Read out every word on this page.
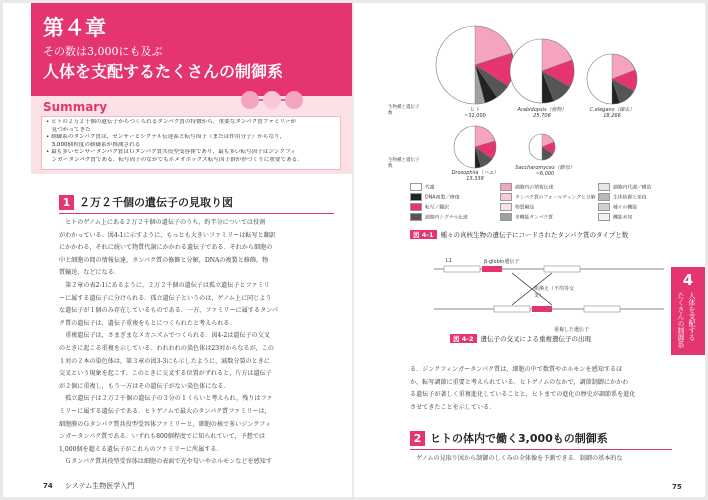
第４章
その数は3,000にも及ぶ
人体を支配するたくさんの制御系
Summary
• ヒトの２万２千個の遺伝子からつくられるタンパク質の特徴から，重要なタンパク質ファミリーが
　見つかってきた
• 制御系のタンパク質は，センサーとシグナル伝達系と転写因子（または作用分子）からなり，
　3,000個程度の制御系が推測される
• 最も多いセンサータンパク質はＧタンパク質共役型受容体であり，最も多い転写因子はジンクフィ
　ンガータンパク質である．転写因子のなかでもホメオボックス転写因子群が形づくりに重要である．
1 ２万２千個の遺伝子の見取り図
　ヒトのゲノム上にある２万２千個の遺伝子のうち，約半分については役割
がわかっている．図4-1に示すように，もっとも大きいファミリーは転写と翻訳
にかかわる，それに続いて物質代謝にかかわる遺伝子である．それから細胞の
中と細胞の間の情報伝達，タンパク質の修飾と分解，DNAの複製と修飾，物
質輸送，などになる．
　第２章の表2-1にあるように，２万２千個の遺伝子は孤立遺伝子とファミリ
ーに属する遺伝子に分けられる．孤立遺伝子というのは，ゲノム上に同じよう
な遺伝子が１個のみ存在しているものである．一方，ファミリーに属するタンパ
ク質の遺伝子は，遺伝子重複をもとにつくられたと考えられる．
　重複遺伝子は，さまざまなメカニズムでつくられる．図4-2は遺伝子の交叉
のときに起こる重複を示している．われわれの染色体は23対からなるが，この
１対の２本の染色体は，第３章の図3-3にも示したように，減数分裂のときに
交叉という現象を起こす．このときに交叉する位置がずれると，片方は遺伝子
が２個に重複し，もう一方はその遺伝子がない染色体になる．
　孤立遺伝子は２万２千個の遺伝子の３分の１くらいと考えられ，残りはファ
ミリーに属する遺伝子である．ヒトゲノムで最大のタンパク質ファミリーは，
細胞膜のＧタンパク質共役型受容体ファミリーと，細胞の核で多いジンクフィ
ンガータンパク質である．いずれも800個程度でに知られていて，予想では
1,000個を超える遺伝子がこれらのファミリーに所属する．
　Ｇタンパク質共役型受容体は細胞の表面で光や匂いやホルモンなどを感知す
74 システム生物医学入門
生物種と遺伝子数
生物種と遺伝子数
ヒト
~32,000
Arabidopsis（植物）
25,706
C.elegans（線虫）
18,266
Drosophila（ハエ）
13,338
Saccharomyces（酵母）
~6,000
代謝	細胞内の情報伝達	細胞内代謝／構造
DNA複製／修復	タンパク質のフォールディングと分解	生体防御と免疫
転写／翻訳	物質輸送	種々の機能
細胞内シグナル伝達	多機能タンパク質	機能未知
図 4-1 種々の真核生物の遺伝子にコードされたタンパク質のタイプと数
L1	β-globin遺伝子
組換え（不均等交叉）
重複した遺伝子
図 4-2 遺伝子の交叉による重複遺伝子の出現
る．ジンクフィンガータンパク質は，細胞の中で数質やホルモンを感知するほ
か，転写調節に重要と考えられている．ヒトゲノムのなかで，調節制御にかかわ
る遺伝子が著しく重複進化していることと，ヒトまでの進化の歴史が調節系を進化
させてきたことを示している．
2 ヒトの体内で働く3,000もの制御系
　ゲノムの見取り図から制御のしくみの全体像を予測できる．制御の基本的な
4
人体を支配する
たくさんの制御系
75
